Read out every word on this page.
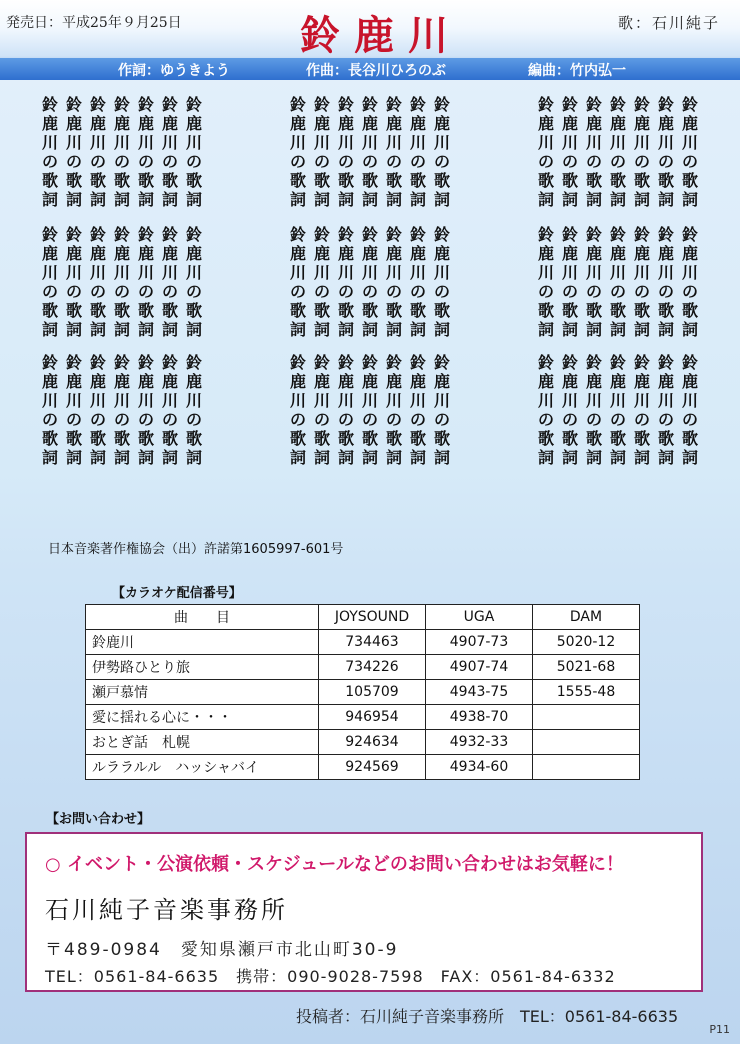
発売日：平成25年９月25日	鈴鹿川	歌：石川純子
作詞：ゆうきよう	作曲：長谷川ひろのぶ	編曲：竹内弘一
鈴
鹿
川
の
歌
詞
鈴
鹿
川
の
歌
詞
鈴
鹿
川
の
歌
詞
鈴
鹿
川
の
歌
詞
鈴
鹿
川
の
歌
詞
鈴
鹿
川
の
歌
詞
鈴
鹿
川
の
歌
詞
鈴
鹿
川
の
歌
詞
鈴
鹿
川
の
歌
詞
鈴
鹿
川
の
歌
詞
鈴
鹿
川
の
歌
詞
鈴
鹿
川
の
歌
詞
鈴
鹿
川
の
歌
詞
鈴
鹿
川
の
歌
詞
鈴
鹿
川
の
歌
詞
鈴
鹿
川
の
歌
詞
鈴
鹿
川
の
歌
詞
鈴
鹿
川
の
歌
詞
鈴
鹿
川
の
歌
詞
鈴
鹿
川
の
歌
詞
鈴
鹿
川
の
歌
詞
鈴
鹿
川
の
歌
詞
鈴
鹿
川
の
歌
詞
鈴
鹿
川
の
歌
詞
鈴
鹿
川
の
歌
詞
鈴
鹿
川
の
歌
詞
鈴
鹿
川
の
歌
詞
鈴
鹿
川
の
歌
詞
鈴
鹿
川
の
歌
詞
鈴
鹿
川
の
歌
詞
鈴
鹿
川
の
歌
詞
鈴
鹿
川
の
歌
詞
鈴
鹿
川
の
歌
詞
鈴
鹿
川
の
歌
詞
鈴
鹿
川
の
歌
詞
鈴
鹿
川
の
歌
詞
鈴
鹿
川
の
歌
詞
鈴
鹿
川
の
歌
詞
鈴
鹿
川
の
歌
詞
鈴
鹿
川
の
歌
詞
鈴
鹿
川
の
歌
詞
鈴
鹿
川
の
歌
詞
鈴
鹿
川
の
歌
詞
鈴
鹿
川
の
歌
詞
鈴
鹿
川
の
歌
詞
鈴
鹿
川
の
歌
詞
鈴
鹿
川
の
歌
詞
鈴
鹿
川
の
歌
詞
鈴
鹿
川
の
歌
詞
鈴
鹿
川
の
歌
詞
鈴
鹿
川
の
歌
詞
鈴
鹿
川
の
歌
詞
鈴
鹿
川
の
歌
詞
鈴
鹿
川
の
歌
詞
鈴
鹿
川
の
歌
詞
鈴
鹿
川
の
歌
詞
鈴
鹿
川
の
歌
詞
鈴
鹿
川
の
歌
詞
鈴
鹿
川
の
歌
詞
鈴
鹿
川
の
歌
詞
鈴
鹿
川
の
歌
詞
鈴
鹿
川
の
歌
詞
鈴
鹿
川
の
歌
詞
日本音楽著作権協会（出）許諾第1605997-601号
【カラオケ配信番号】
曲　　目	JOYSOUND	UGA	DAM
鈴鹿川	734463	4907-73	5020-12
伊勢路ひとり旅	734226	4907-74	5021-68
瀬戸慕情	105709	4943-75	1555-48
愛に揺れる心に・・・	946954	4938-70	
おとぎ話　札幌	924634	4932-33	
ルララルル　ハッシャバイ	924569	4934-60	
【お問い合わせ】
○ イベント・公演依頼・スケジュールなどのお問い合わせはお気軽に！
石川純子音楽事務所
〒489-0984　愛知県瀬戸市北山町30-9
TEL：0561-84-6635　携帯：090-9028-7598　FAX：0561-84-6332
投稿者：石川純子音楽事務所　TEL：0561-84-6635
P11
